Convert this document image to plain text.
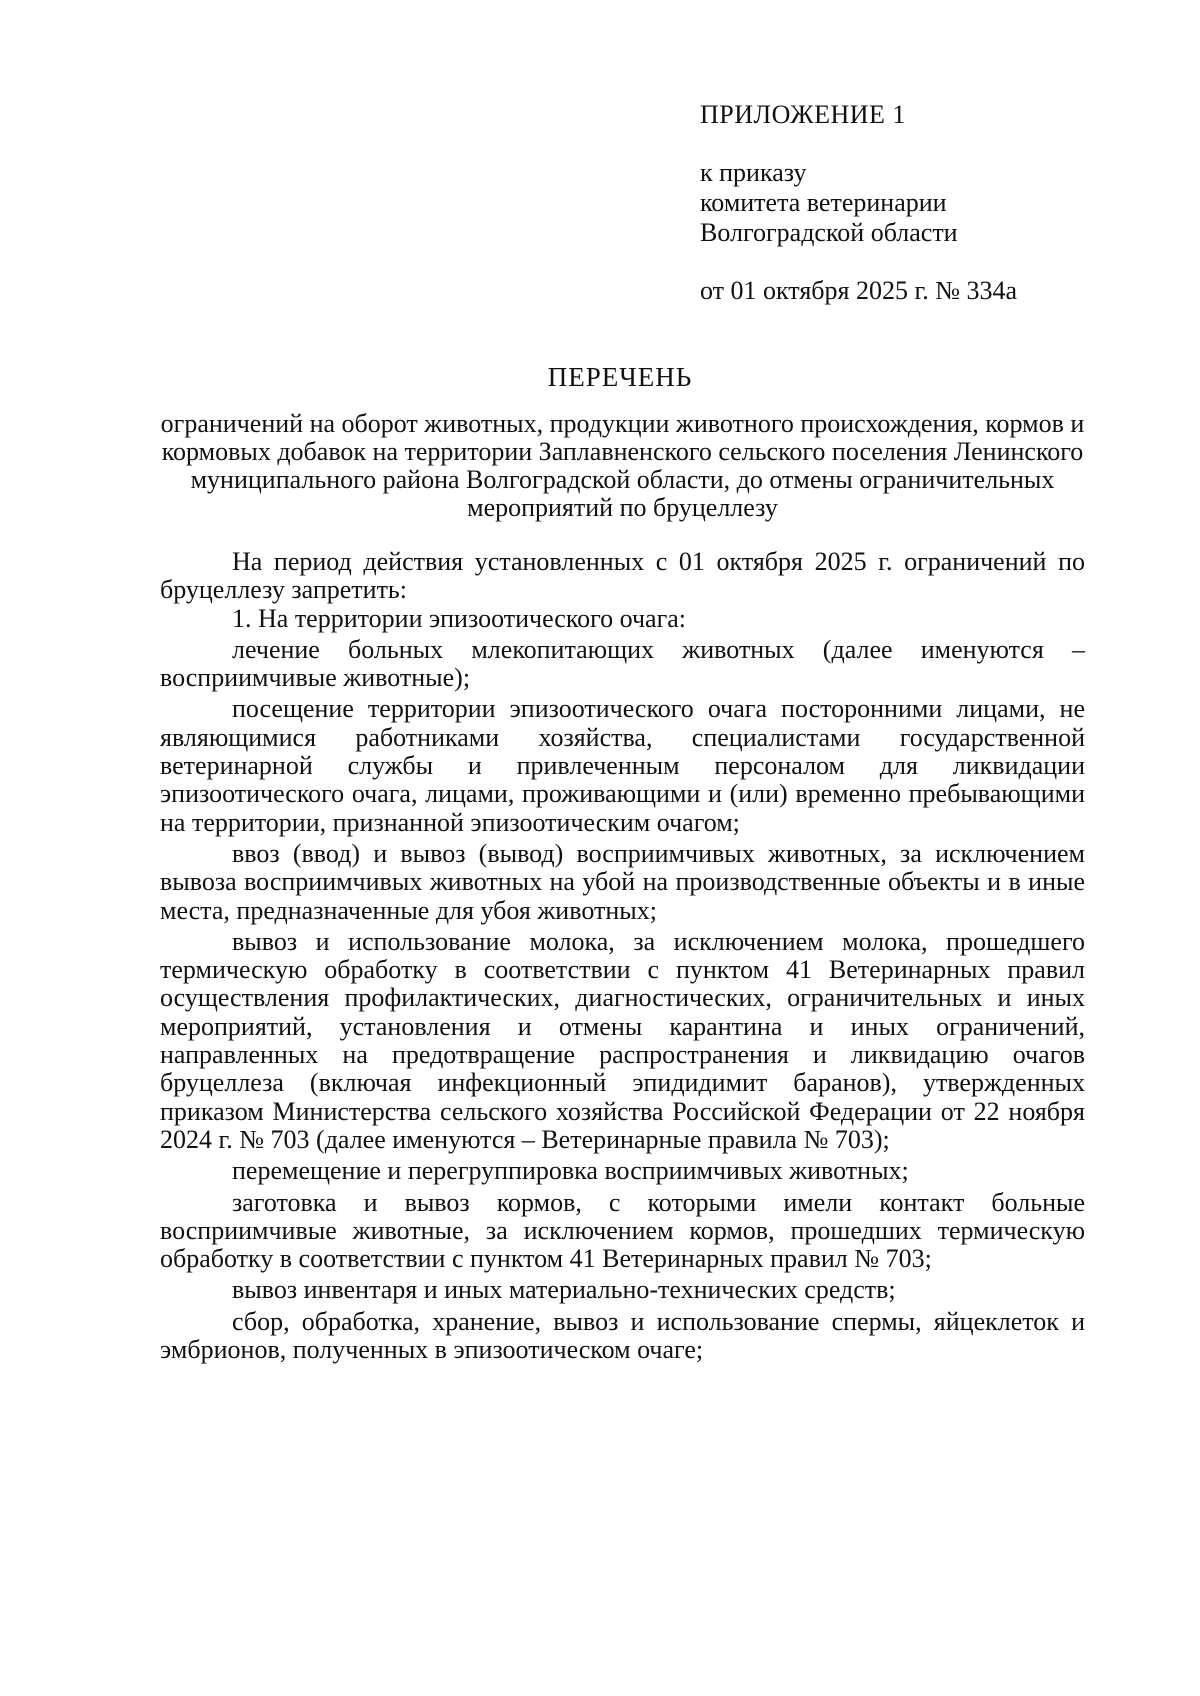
ПРИЛОЖЕНИЕ 1
к приказу
комитета ветеринарии
Волгоградской области
от 01 октября 2025 г. № 334а
ПЕРЕЧЕНЬ
ограничений на оборот животных, продукции животного происхождения, кормов и кормовых добавок на территории Заплавненского сельского поселения Ленинского муниципального района Волгоградской области, до отмены ограничительных мероприятий по бруцеллезу

На период действия установленных с 01 октября 2025 г. ограничений по бруцеллезу запретить:

1. На территории эпизоотического очага:

лечение больных млекопитающих животных (далее именуются – восприимчивые животные);

посещение территории эпизоотического очага посторонними лицами, не являющимися работниками хозяйства, специалистами государственной ветеринарной службы и привлеченным персоналом для ликвидации эпизоотического очага, лицами, проживающими и (или) временно пребывающими на территории, признанной эпизоотическим очагом;

ввоз (ввод) и вывоз (вывод) восприимчивых животных, за исключением вывоза восприимчивых животных на убой на производственные объекты и в иные места, предназначенные для убоя животных;

вывоз и использование молока, за исключением молока, прошедшего термическую обработку в соответствии с пунктом 41 Ветеринарных правил осуществления профилактических, диагностических, ограничительных и иных мероприятий, установления и отмены карантина и иных ограничений, направленных на предотвращение распространения и ликвидацию очагов бруцеллеза (включая инфекционный эпидидимит баранов), утвержденных приказом Министерства сельского хозяйства Российской Федерации от 22 ноября 2024 г. № 703 (далее именуются – Ветеринарные правила № 703);

перемещение и перегруппировка восприимчивых животных;

заготовка и вывоз кормов, с которыми имели контакт больные восприимчивые животные, за исключением кормов, прошедших термическую обработку в соответствии с пунктом 41 Ветеринарных правил № 703;

вывоз инвентаря и иных материально-технических средств;

сбор, обработка, хранение, вывоз и использование спермы, яйцеклеток и эмбрионов, полученных в эпизоотическом очаге;
